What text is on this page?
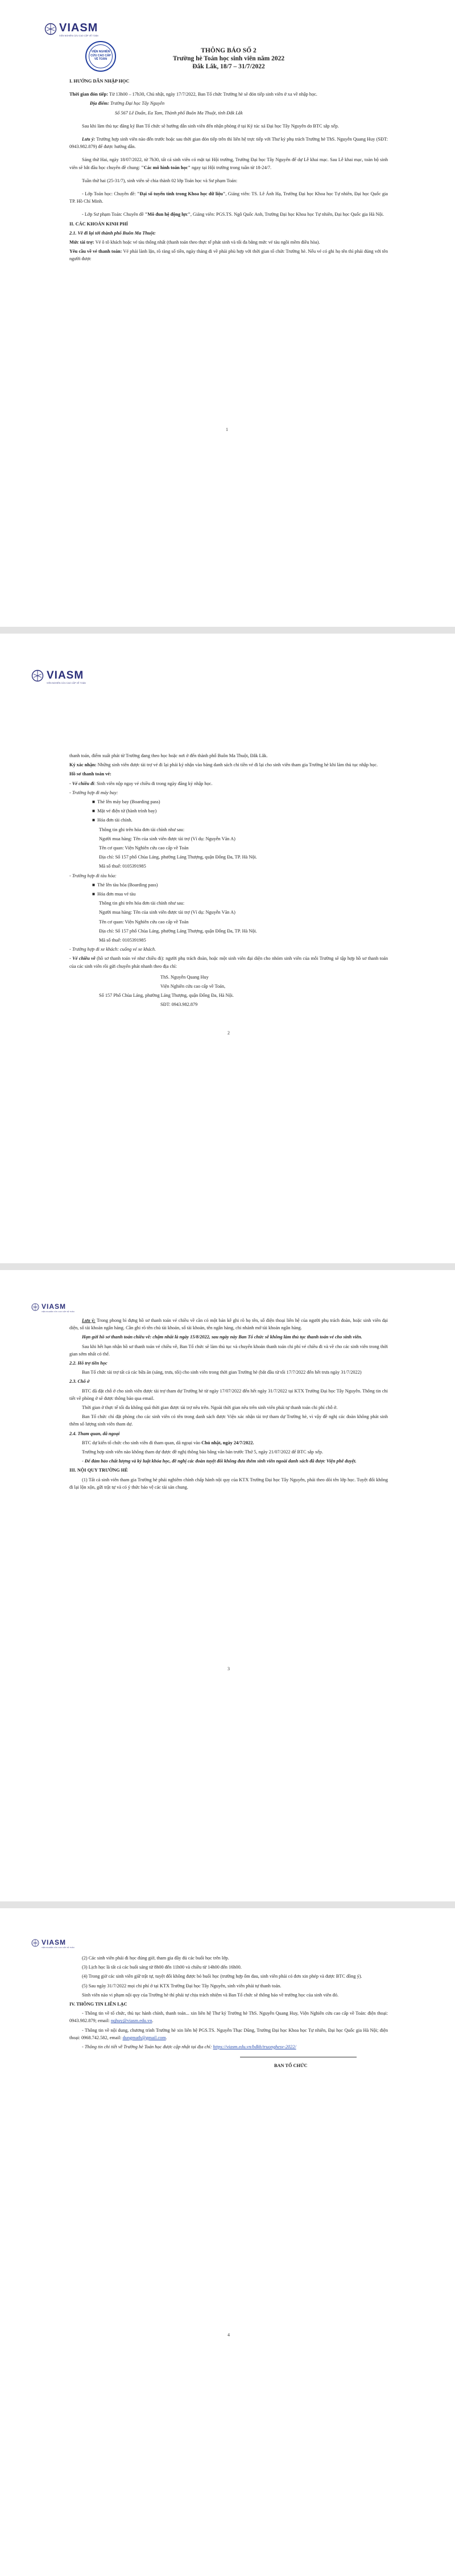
VIASM
VIỆN NGHIÊN CỨU CAO CẤP VỀ TOÁN
VIỆN NGHIÊN CỨU CAO CẤP VỀ TOÁN
THÔNG BÁO SỐ 2
Trường hè Toán học sinh viên năm 2022
Đắk Lắk, 18/7 – 31/7/2022

I. HƯỚNG DẪN NHẬP HỌC

Thời gian đón tiếp: Từ 13h00 – 17h30, Chủ nhật, ngày 17/7/2022, Ban Tổ chức Trường hè sẽ đón tiếp sinh viên ở xa về nhập học.

Địa điểm: Trường Đại học Tây Nguyên

Số 567 Lê Duẩn, Ea Tam, Thành phố Buôn Ma Thuột, tỉnh Đắk Lắk

Sau khi làm thủ tục đăng ký Ban Tổ chức sẽ hướng dẫn sinh viên đến nhận phòng ở tại Ký túc xá Đại học Tây Nguyên do BTC sắp xếp.

Lưu ý: Trường hợp sinh viên nào đến trước hoặc sau thời gian đón tiếp trên thì liên hệ trực tiếp với Thư ký phụ trách Trường hè ThS. Nguyễn Quang Huy (SĐT: 0943.982.879) để được hướng dẫn.

Sáng thứ Hai, ngày 18/07/2022, từ 7h30, tất cả sinh viên có mặt tại Hội trường, Trường Đại học Tây Nguyên để dự Lễ khai mạc. Sau Lễ khai mạc, toàn bộ sinh viên sẽ bắt đầu học chuyên đề chung: "Các mô hình toán học" ngay tại Hội trường trong tuần từ 18-24/7.

Tuần thứ hai (25-31/7), sinh viên sẽ chia thành 02 lớp Toán học và Sư phạm Toán:

- Lớp Toán học: Chuyên đề: "Đại số tuyến tính trong Khoa học dữ liệu", Giảng viên: TS. Lê Ánh Hạ, Trường Đại học Khoa học Tự nhiên, Đại học Quốc gia TP. Hồ Chí Minh.

- Lớp Sư phạm Toán: Chuyên đề "Mô đun hệ động lực", Giảng viên: PGS.TS. Ngô Quốc Anh, Trường Đại học Khoa học Tự nhiên, Đại học Quốc gia Hà Nội.

II. CÁC KHOẢN KINH PHÍ

2.1. Về đi lại tới thành phố Buôn Ma Thuột:

Mức tài trợ: Vé ô tô khách hoặc vé tàu thống nhất (thanh toán theo thực tế phát sinh và tối đa bằng mức vé tàu ngồi mềm điều hòa).

Yêu cầu về vé thanh toán: Vé phải lành lặn, rõ ràng số tiền, ngày tháng đi về phải phù hợp với thời gian tổ chức Trường hè. Nếu vé có ghi họ tên thì phải đúng với tên người được

1
VIASM
VIỆN NGHIÊN CỨU CAO CẤP VỀ TOÁN

thanh toán, điểm xuất phát từ Trường đang theo học hoặc nơi ở đến thành phố Buôn Ma Thuột, Đắk Lắk.

Ký xác nhận: Những sinh viên được tài trợ vé đi lại phải ký nhận vào bảng danh sách chi tiền vé đi lại cho sinh viên tham gia Trường hè khi làm thủ tục nhập học.

Hồ sơ thanh toán vé:

- Vé chiều đi: Sinh viên nộp ngay vé chiều đi trong ngày đăng ký nhập học.

- Trường hợp đi máy bay:

■  Thẻ lên máy bay (Boarding pass)

■  Mặt vé điện tử (hành trình bay)

■  Hóa đơn tài chính.

Thông tin ghi trên hóa đơn tài chính như sau:

Người mua hàng: Tên của sinh viên được tài trợ (Ví dụ: Nguyễn Văn A)

Tên cơ quan: Viện Nghiên cứu cao cấp về Toán

Địa chỉ: Số 157 phố Chùa Láng, phường Láng Thượng, quận Đống Đa, TP. Hà Nội.

Mã số thuế: 0105391985

- Trường hợp đi tàu hỏa:

■  Thẻ lên tàu hỏa (Boarding pass)

■  Hóa đơn mua vé tàu

Thông tin ghi trên hóa đơn tài chính như sau:

Người mua hàng: Tên của sinh viên được tài trợ (Ví dụ: Nguyễn Văn A)

Tên cơ quan: Viện Nghiên cứu cao cấp về Toán

Địa chỉ: Số 157 phố Chùa Láng, phường Láng Thượng, quận Đống Đa, TP. Hà Nội.

Mã số thuế: 0105391985

- Trường hợp đi xe khách: cuống vé xe khách.

- Vé chiều về (hồ sơ thanh toán vé như chiều đi): người phụ trách đoàn, hoặc một sinh viên đại diện cho nhóm sinh viên của mỗi Trường sẽ tập hợp hồ sơ thanh toán của các sinh viên rồi gửi chuyển phát nhanh theo địa chỉ:

ThS. Nguyễn Quang Huy

Viện Nghiên cứu cao cấp về Toán,

Số 157 Phố Chùa Láng, phường Láng Thượng, quận Đống Đa, Hà Nội.

SĐT: 0943.982.879

2
VIASM
VIỆN NGHIÊN CỨU CAO CẤP VỀ TOÁN

Lưu ý: Trong phong bì đựng hồ sơ thanh toán vé chiều về cần có một bản kê ghi rõ họ tên, số điện thoại liên hệ của người phụ trách đoàn, hoặc sinh viên đại diện, số tài khoản ngân hàng. Cần ghi rõ tên chủ tài khoản, số tài khoản, tên ngân hàng, chi nhánh mở tài khoản ngân hàng.

Hạn gửi hồ sơ thanh toán chiều về: chậm nhất là ngày 15/8/2022, sau ngày này Ban Tổ chức sẽ không làm thủ tục thanh toán vé cho sinh viên.

Sau khi hết hạn nhận hồ sơ thanh toán vé chiều về, Ban Tổ chức sẽ làm thủ tục và chuyển khoản thanh toán chi phí vé chiều đi và về cho các sinh viên trong thời gian sớm nhất có thể.

2.2. Hỗ trợ tiền học

Ban Tổ chức tài trợ tất cả các bữa ăn (sáng, trưa, tối) cho sinh viên trong thời gian Trường hè (bắt đầu từ tối 17/7/2022 đến hết trưa ngày 31/7/2022)

2.3. Chỗ ở

BTC đã đặt chỗ ở cho sinh viên được tài trợ tham dự Trường hè từ ngày 17/07/2022 đến hết ngày 31/7/2022 tại KTX Trường Đại học Tây Nguyên. Thông tin chi tiết về phòng ở sẽ được thông báo qua email.

Thời gian ở thực tế tối đa không quá thời gian được tài trợ nêu trên. Ngoài thời gian nêu trên sinh viên phải tự thanh toán chi phí chỗ ở.

Ban Tổ chức chỉ đặt phòng cho các sinh viên có tên trong danh sách được Viện xác nhận tài trợ tham dự Trường hè, vì vậy đề nghị các đoàn không phát sinh thêm số lượng sinh viên tham dự.

2.4. Tham quan, dã ngoại

BTC dự kiến tổ chức cho sinh viên đi tham quan, dã ngoại vào Chủ nhật, ngày 24/7/2022.

Trường hợp sinh viên nào không tham dự được đề nghị thông báo bằng văn bản trước Thứ 5, ngày 21/07/2022 để BTC sắp xếp.

- Để đảm bảo chất lượng và kỷ luật khóa học, đề nghị các đoàn tuyệt đối không đưa thêm sinh viên ngoài danh sách đã được Viện phê duyệt.

III. NỘI QUY TRƯỜNG HÈ

(1) Tất cả sinh viên tham gia Trường hè phải nghiêm chỉnh chấp hành nội quy của KTX Trường Đại học Tây Nguyên, phải theo dõi tên lớp học. Tuyệt đối không đi lại lộn xộn, gữi trật tự và có ý thức bảo vệ các tài sản chung.

3
VIASM
VIỆN NGHIÊN CỨU CAO CẤP VỀ TOÁN

(2) Các sinh viên phải đi học đúng giờ, tham gia đầy đủ các buổi học trên lớp.

(3) Lịch học là tất cả các buổi sáng từ 8h00 đến 11h00 và chiều từ 14h00 đến 16h00.

(4) Trong giờ các sinh viên giữ trật tự, tuyệt đối không được bỏ buổi học (trường hợp ốm đau, sinh viên phải có đơn xin phép và được BTC đồng ý).

(5) Sau ngày 31/7/2022 mọi chi phí ở tại KTX Trường Đại học Tây Nguyên, sinh viên phải tự thanh toán.

Sinh viên nào vi phạm nội quy của Trường hè thì phải tự chịu trách nhiệm và Ban Tổ chức sẽ thông báo về trường học của sinh viên đó.

IV. THÔNG TIN LIÊN LẠC

- Thông tin về tổ chức, thủ tục hành chính, thanh toán... xin liên hệ Thư ký Trường hè ThS. Nguyễn Quang Huy, Viện Nghiên cứu cao cấp về Toán: điện thoại: 0943.982.879; email: nqhuy@viasm.edu.vn.

- Thông tin về nội dung, chương trình Trường hè xin liên hệ PGS.TS. Nguyễn Thạc Dũng, Trường Đại học Khoa học Tự nhiên, Đại học Quốc gia Hà Nội; điện thoại: 0968.742.582, email: dungmath@gmail.com.

- Thông tin chi tiết về Trường hè Toán học được cập nhật tại địa chỉ: https://viasm.edu.vn/bdkh/truonghesv-2022/

BAN TỔ CHỨC
4
